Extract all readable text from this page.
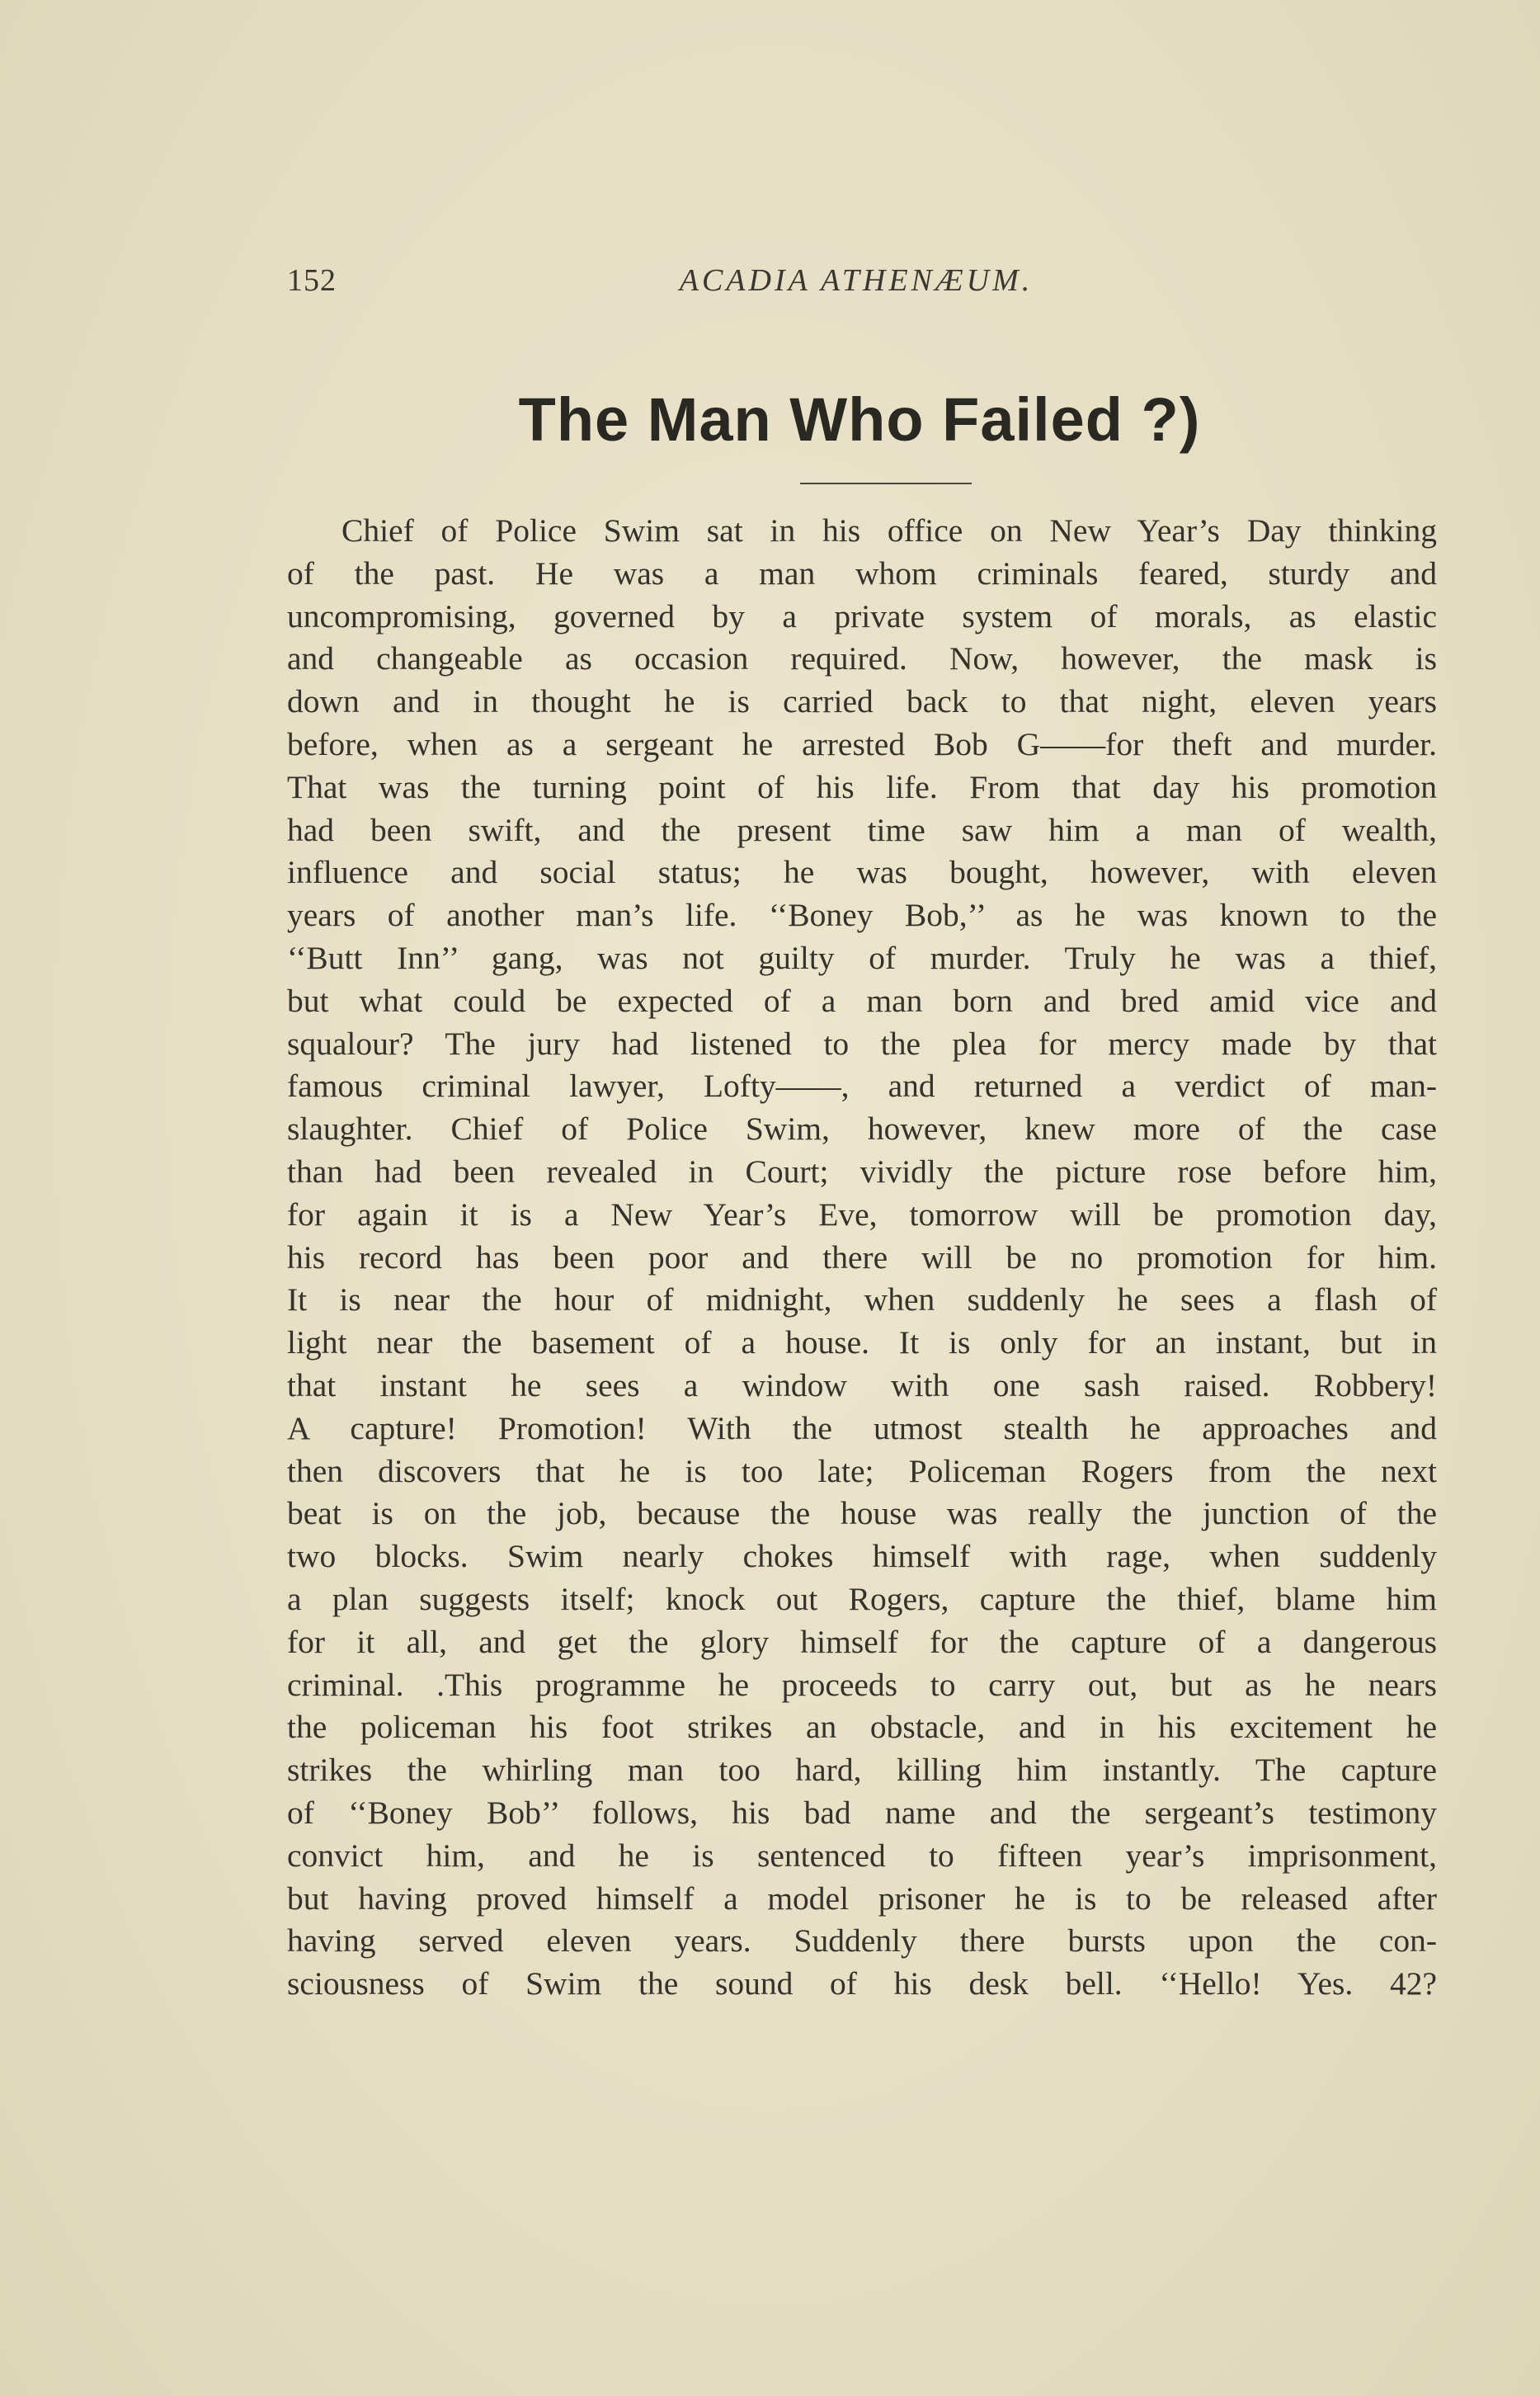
152	ACADIA ATHENÆUM.
The Man Who Failed ?)
Chief of Police Swim sat in his office on New Year’s Day thinking
of the past. He was a man whom criminals feared, sturdy and
uncompromising, governed by a private system of morals, as elastic
and changeable as occasion required. Now, however, the mask is
down and in thought he is carried back to that night, eleven years
before, when as a sergeant he arrested Bob G——for theft and murder.
That was the turning point of his life. From that day his promotion
had been swift, and the present time saw him a man of wealth,
influence and social status; he was bought, however, with eleven
years of another man’s life. ‘‘Boney Bob,’’ as he was known to the
‘‘Butt Inn’’ gang, was not guilty of murder. Truly he was a thief,
but what could be expected of a man born and bred amid vice and
squalour? The jury had listened to the plea for mercy made by that
famous criminal lawyer, Lofty——, and returned a verdict of man-
slaughter. Chief of Police Swim, however, knew more of the case
than had been revealed in Court; vividly the picture rose before him,
for again it is a New Year’s Eve, tomorrow will be promotion day,
his record has been poor and there will be no promotion for him.
It is near the hour of midnight, when suddenly he sees a flash of
light near the basement of a house. It is only for an instant, but in
that instant he sees a window with one sash raised. Robbery!
A capture! Promotion! With the utmost stealth he approaches and
then discovers that he is too late; Policeman Rogers from the next
beat is on the job, because the house was really the junction of the
two blocks. Swim nearly chokes himself with rage, when suddenly
a plan suggests itself; knock out Rogers, capture the thief, blame him
for it all, and get the glory himself for the capture of a dangerous
criminal. .This programme he proceeds to carry out, but as he nears
the policeman his foot strikes an obstacle, and in his excitement he
strikes the whirling man too hard, killing him instantly. The capture
of ‘‘Boney Bob’’ follows, his bad name and the sergeant’s testimony
convict him, and he is sentenced to fifteen year’s imprisonment,
but having proved himself a model prisoner he is to be released after
having served eleven years. Suddenly there bursts upon the con-
sciousness of Swim the sound of his desk bell. ‘‘Hello! Yes. 42?
